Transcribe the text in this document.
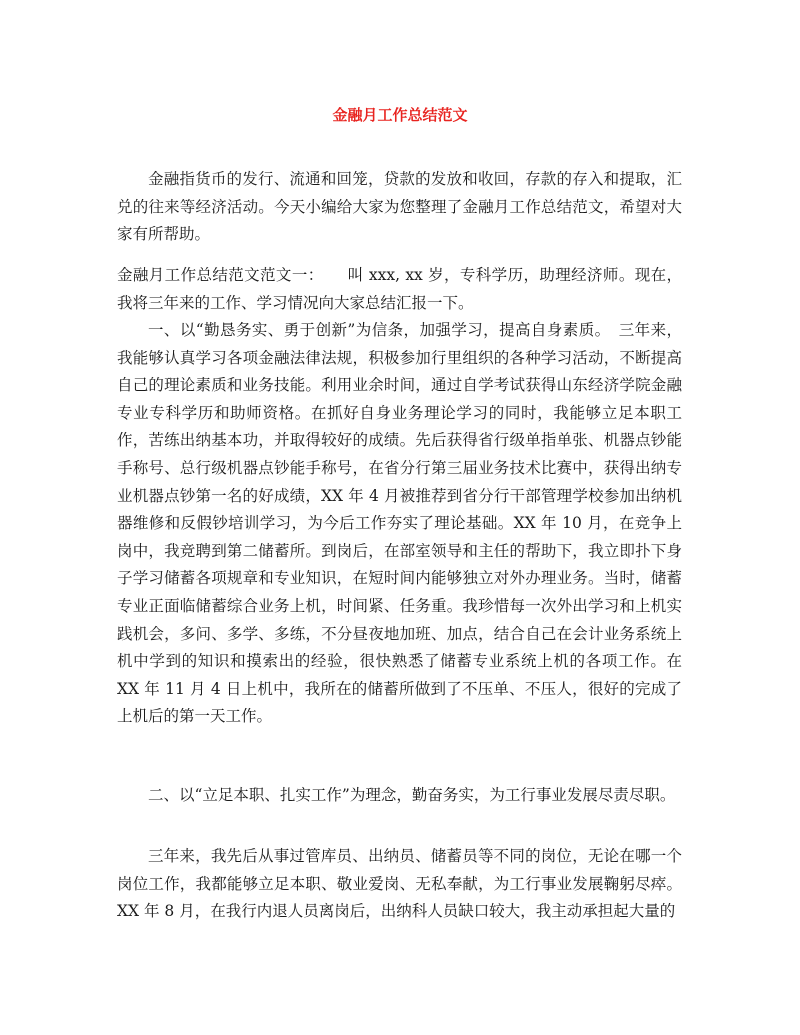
金融月工作总结范文

金融指货币的发行、流通和回笼，贷款的发放和收回，存款的存入和提取，汇兑的往来等经济活动。今天小编给大家为您整理了金融月工作总结范文，希望对大家有所帮助。

金融月工作总结范文范文一：　　叫 xxx, xx 岁，专科学历，助理经济师。现在，我将三年来的工作、学习情况向大家总结汇报一下。

一、以“勤恳务实、勇于创新”为信条，加强学习，提高自身素质。　三年来，我能够认真学习各项金融法律法规，积极参加行里组织的各种学习活动，不断提高自己的理论素质和业务技能。利用业余时间，通过自学考试获得山东经济学院金融专业专科学历和助师资格。在抓好自身业务理论学习的同时，我能够立足本职工作，苦练出纳基本功，并取得较好的成绩。先后获得省行级单指单张、机器点钞能手称号、总行级机器点钞能手称号，在省分行第三届业务技术比赛中，获得出纳专业机器点钞第一名的好成绩，XX 年 4 月被推荐到省分行干部管理学校参加出纳机器维修和反假钞培训学习，为今后工作夯实了理论基础。XX 年 10 月，在竞争上岗中，我竞聘到第二储蓄所。到岗后，在部室领导和主任的帮助下，我立即扑下身子学习储蓄各项规章和专业知识，在短时间内能够独立对外办理业务。当时，储蓄专业正面临储蓄综合业务上机，时间紧、任务重。我珍惜每一次外出学习和上机实践机会，多问、多学、多练，不分昼夜地加班、加点，结合自己在会计业务系统上机中学到的知识和摸索出的经验，很快熟悉了储蓄专业系统上机的各项工作。在 XX 年 11 月 4 日上机中，我所在的储蓄所做到了不压单、不压人，很好的完成了上机后的第一天工作。

二、以“立足本职、扎实工作”为理念，勤奋务实，为工行事业发展尽责尽职。

三年来，我先后从事过管库员、出纳员、储蓄员等不同的岗位，无论在哪一个岗位工作，我都能够立足本职、敬业爱岗、无私奉献，为工行事业发展鞠躬尽瘁。XX 年 8 月，在我行内退人员离岗后，出纳科人员缺口较大，我主动承担起大量的
